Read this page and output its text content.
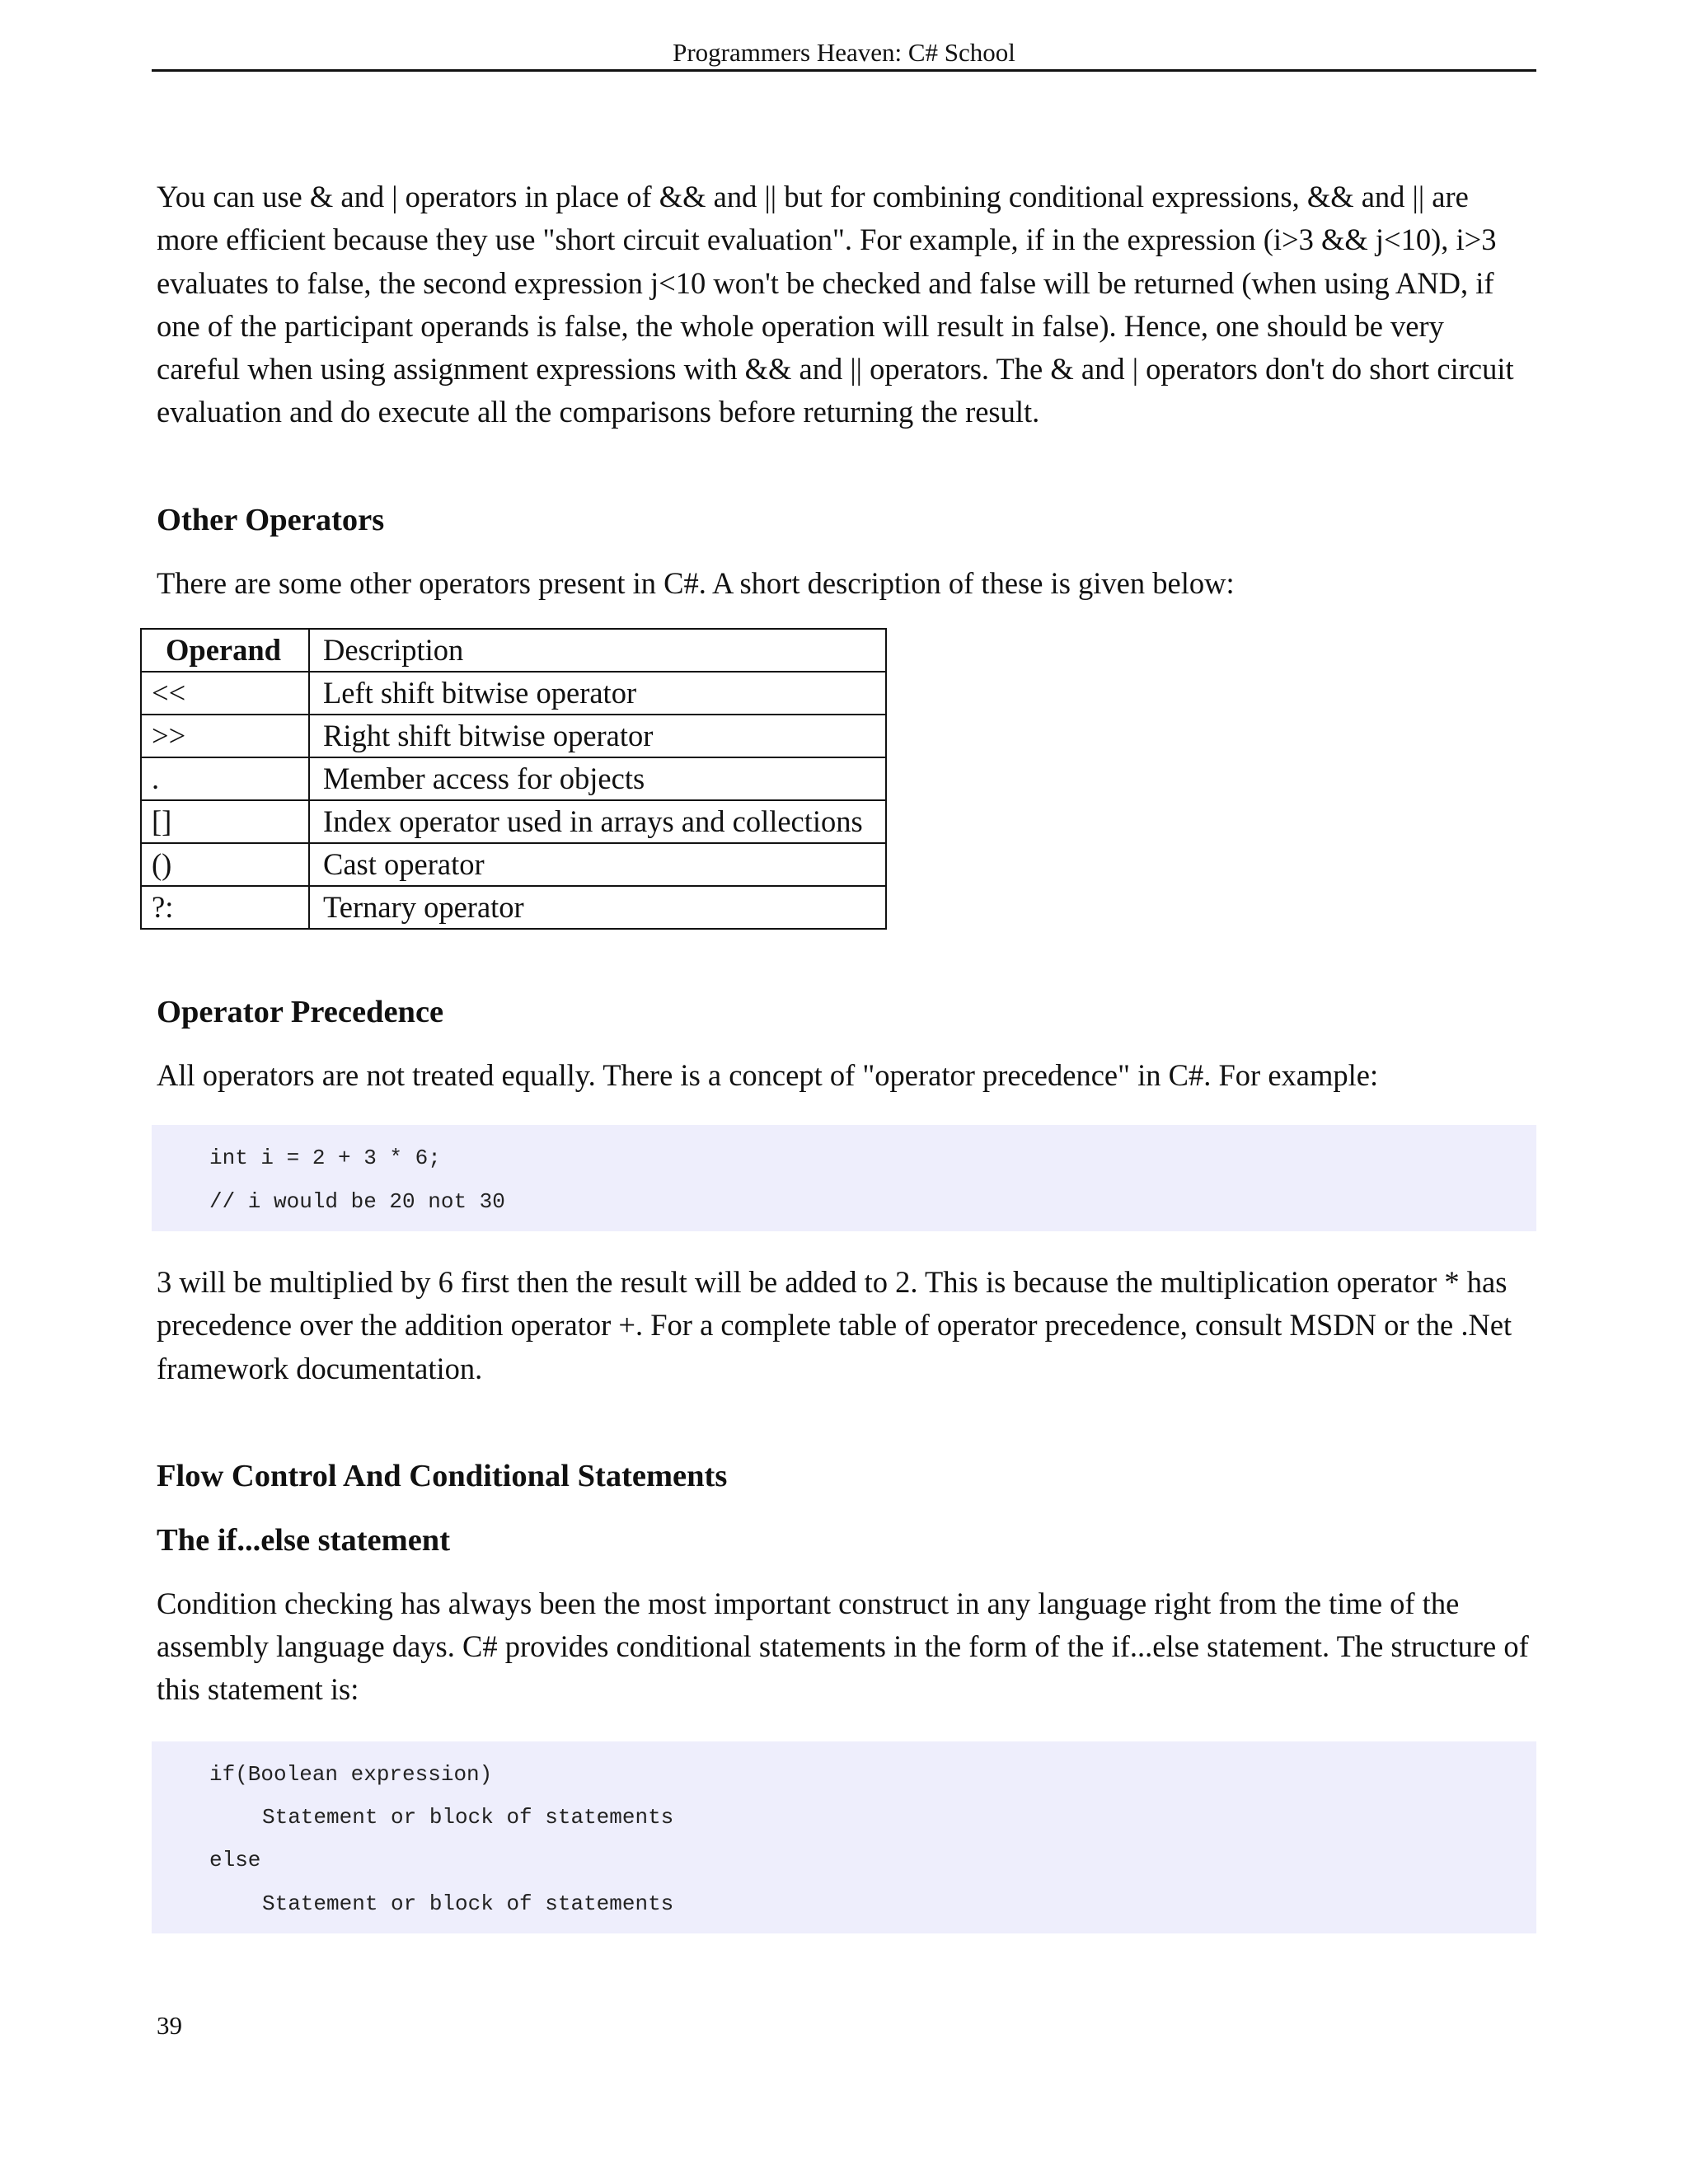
Programmers Heaven: C# School

You can use & and | operators in place of && and || but for combining conditional expressions, && and || are more efficient because they use "short circuit evaluation". For example, if in the expression (i>3 && j<10), i>3 evaluates to false, the second expression j<10 won't be checked and false will be returned (when using AND, if one of the participant operands is false, the whole operation will result in false). Hence, one should be very careful when using assignment expressions with && and || operators. The & and | operators don't do short circuit evaluation and do execute all the comparisons before returning the result.

Other Operators

There are some other operators present in C#. A short description of these is given below:

Operand	Description
<<	Left shift bitwise operator
>>	Right shift bitwise operator
.	Member access for objects
[]	Index operator used in arrays and collections
()	Cast operator
?:	Ternary operator
Operator Precedence

All operators are not treated equally. There is a concept of "operator precedence" in C#. For example:

int i = 2 + 3 * 6;
// i would be 20 not 30

3 will be multiplied by 6 first then the result will be added to 2. This is because the multiplication operator * has precedence over the addition operator +. For a complete table of operator precedence, consult MSDN or the .Net framework documentation.

Flow Control And Conditional Statements
The if...else statement

Condition checking has always been the most important construct in any language right from the time of the assembly language days. C# provides conditional statements in the form of the if...else statement. The structure of this statement is:

if(Boolean expression)
Statement or block of statements
else
Statement or block of statements
39
